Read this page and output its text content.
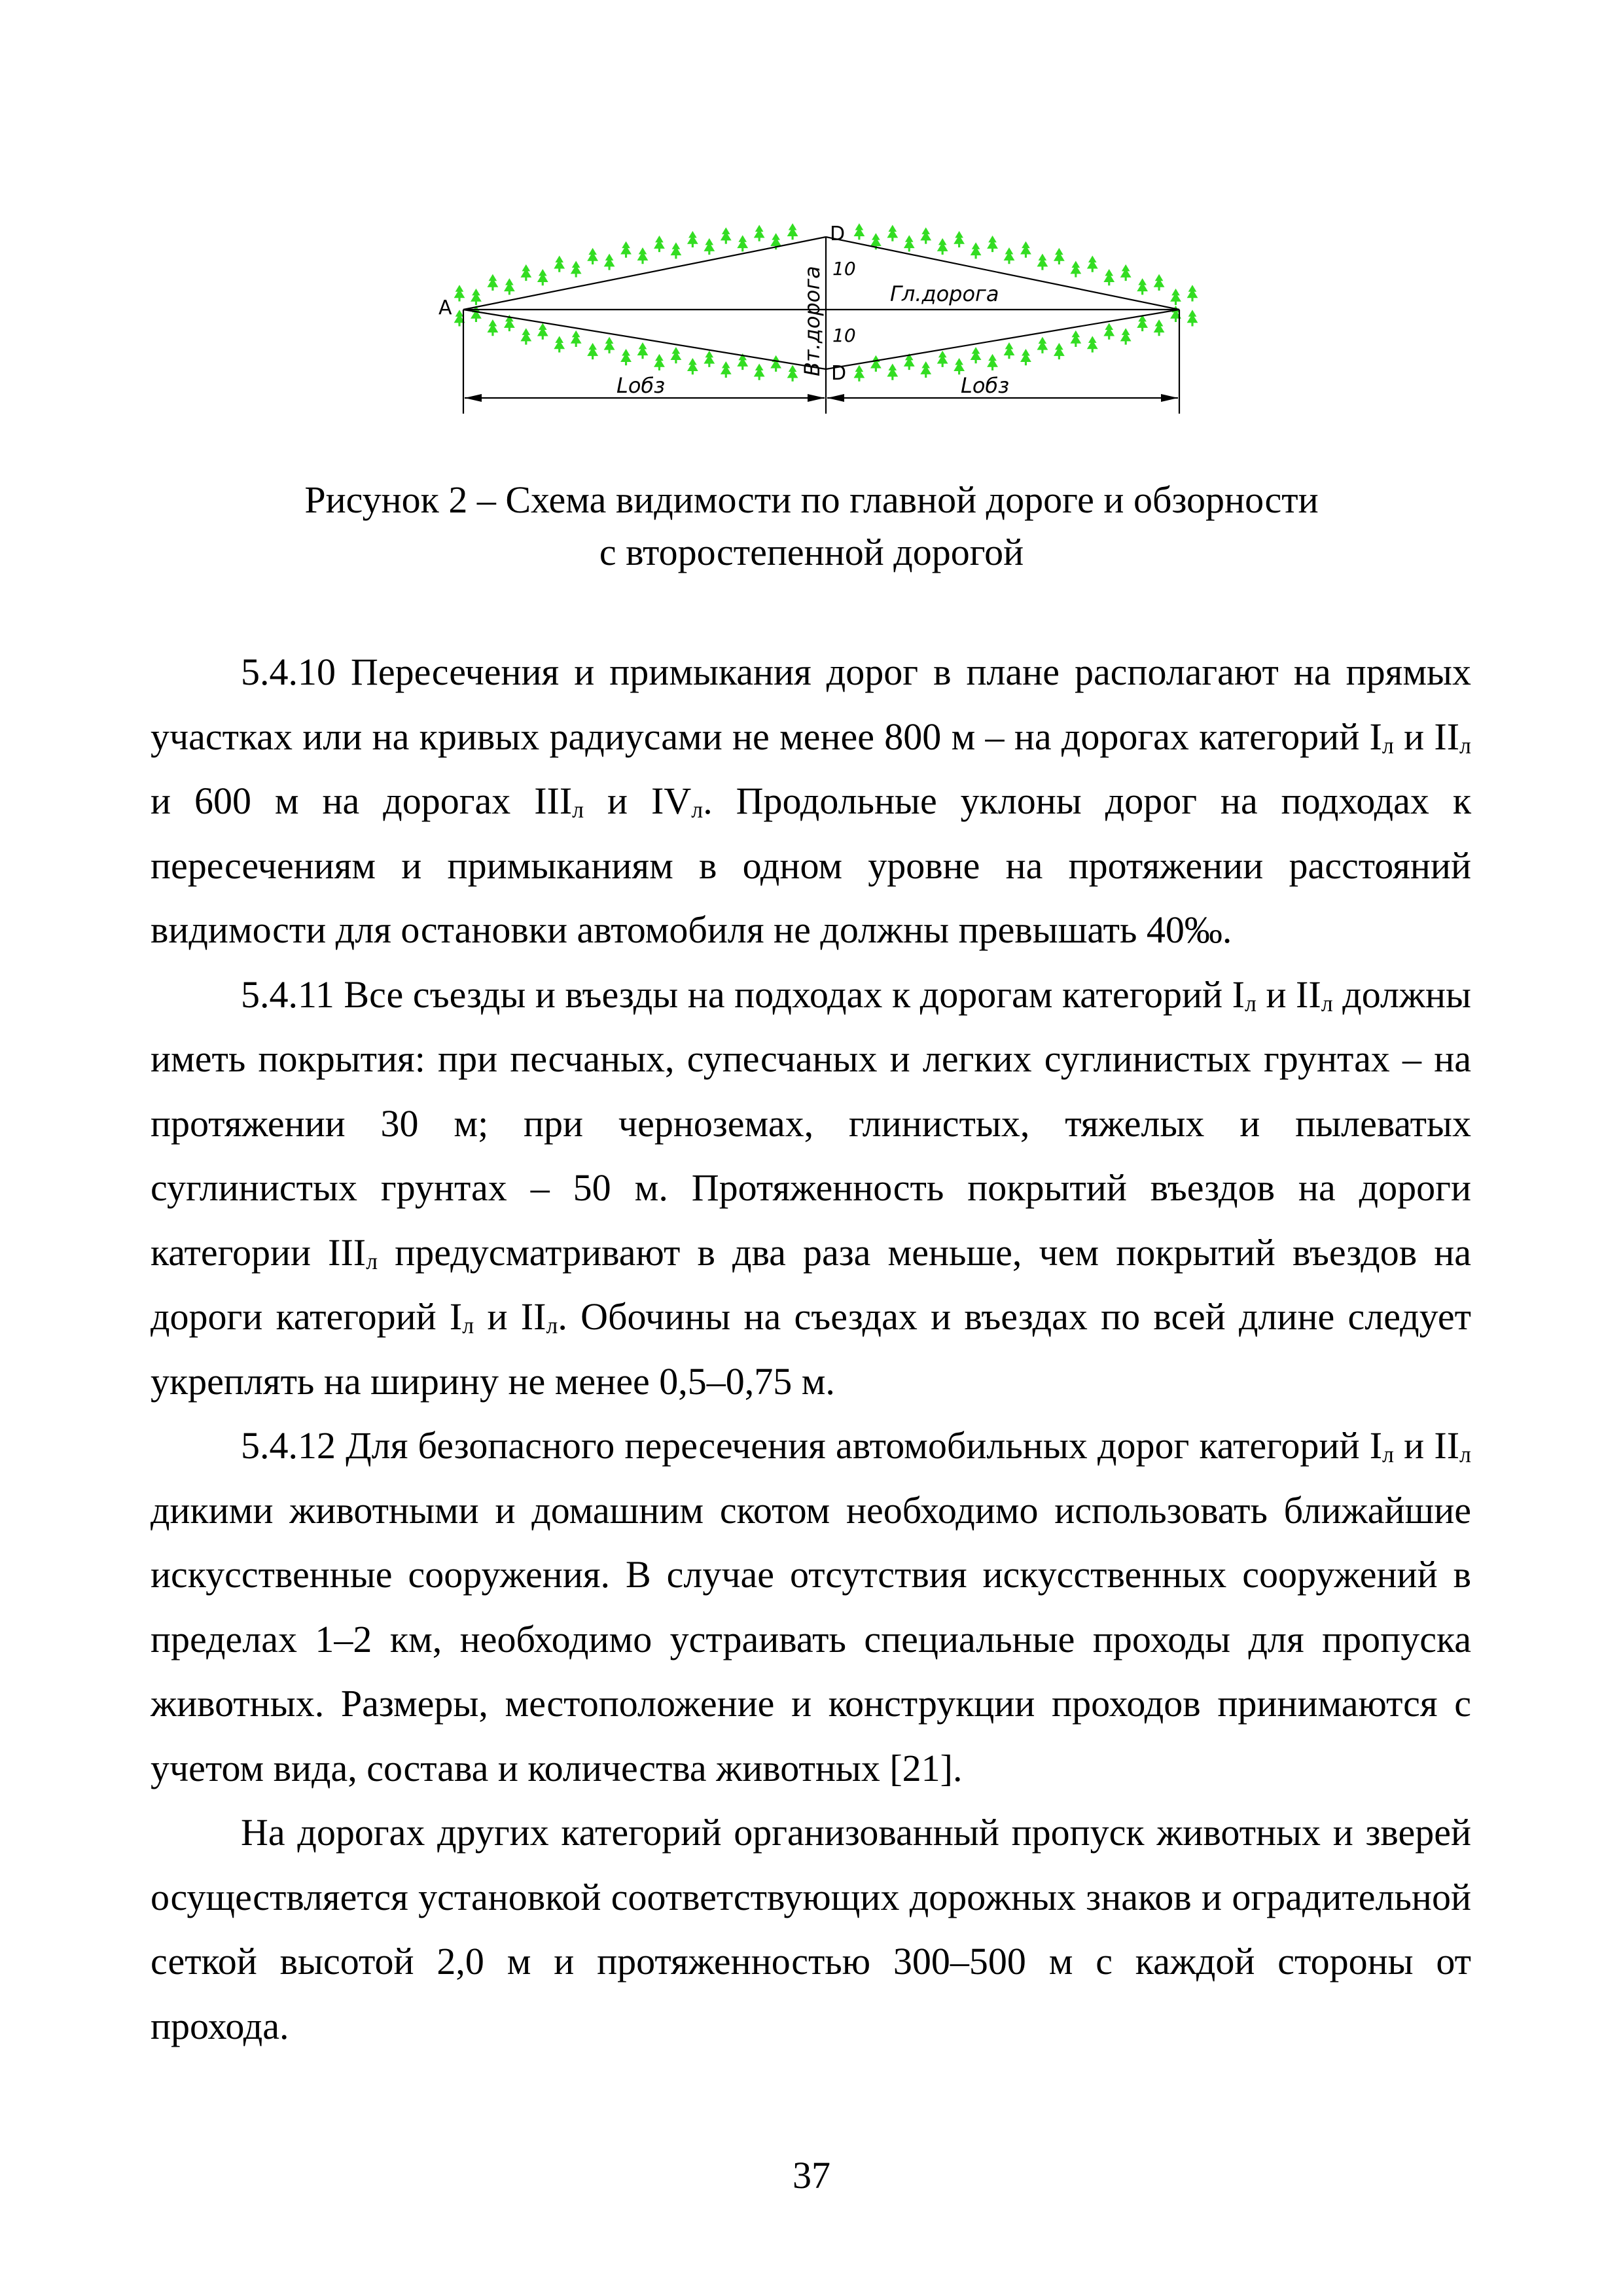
A
D
D
10
10
Гл.дорога
Вт.дорога
Lобз	Lобз
Рисунок 2 – Схема видимости по главной дороге и обзорности
с второстепенной дорогой

5.4.10 Пересечения и примыкания дорог в плане располагают на прямых участках или на кривых радиусами не менее 800 м – на дорогах категорий $I_л$ и $II_л$ и 600 м на дорогах $III_л$ и $IV_л$. Продольные уклоны дорог на подходах к пересечениям и примыканиям в одном уровне на протяжении расстояний видимости для остановки автомобиля не должны превышать 40‰.

5.4.11 Все съезды и въезды на подходах к дорогам категорий $I_л$ и $II_л$ должны иметь покрытия: при песчаных, супесчаных и легких суглинистых грунтах – на протяжении 30 м; при черноземах, глинистых, тяжелых и пылеватых суглинистых грунтах – 50 м. Протяженность покрытий въездов на дороги категории $III_л$ предусматривают в два раза меньше, чем покрытий въездов на дороги категорий $I_л$ и $II_л$. Обочины на съездах и въездах по всей длине следует укреплять на ширину не менее 0,5–0,75 м.

5.4.12 Для безопасного пересечения автомобильных дорог категорий $I_л$ и $II_л$ дикими животными и домашним скотом необходимо использовать ближайшие искусственные сооружения. В случае отсутствия искусственных сооружений в пределах 1–2 км, необходимо устраивать специальные проходы для пропуска животных. Размеры, местоположение и конструкции проходов принимаются с учетом вида, состава и количества животных [21].

На дорогах других категорий организованный пропуск животных и зверей осуществляется установкой соответствующих дорожных знаков и оградительной сеткой высотой 2,0 м и протяженностью 300–500 м с каждой стороны от прохода.

37
